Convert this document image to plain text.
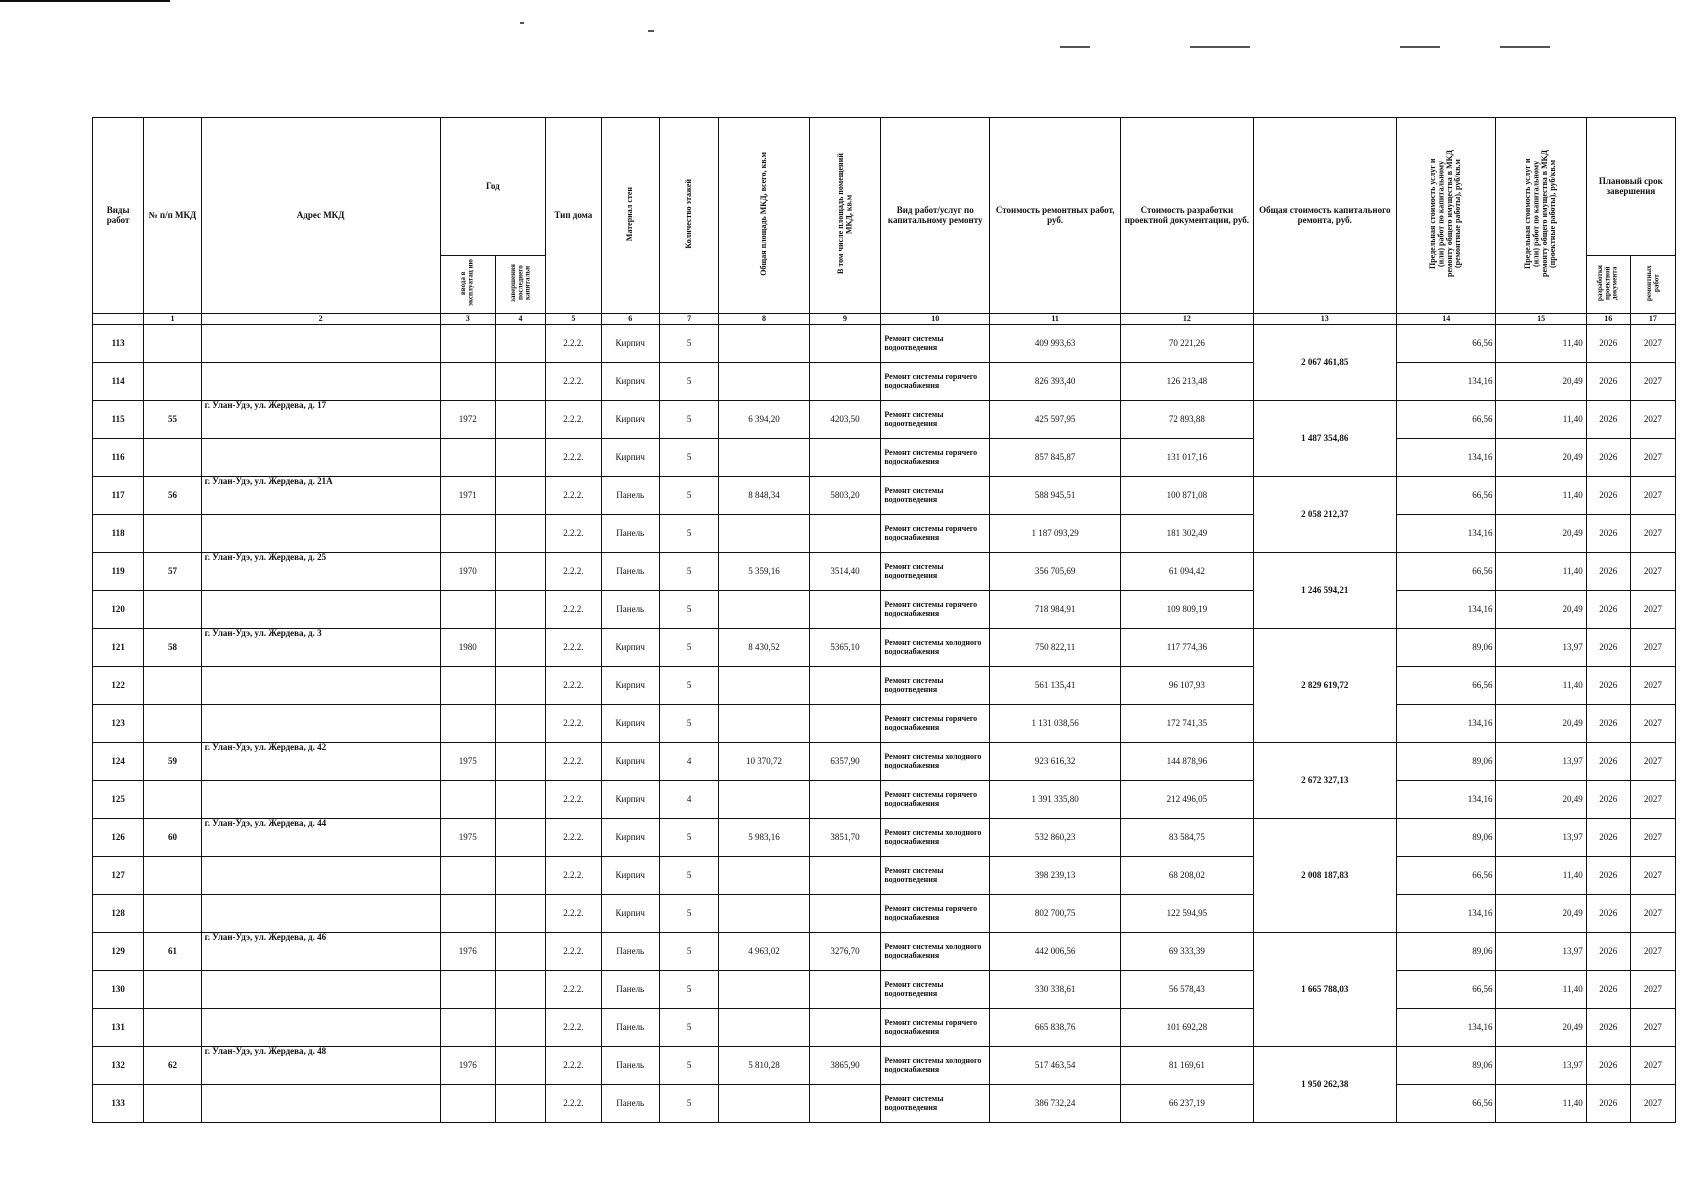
Виды работ	№ п/п МКД	Адрес МКД	Год		Тип дома	Материал стен	Количество этажей	Общая площадь МКД, всего, кв.м	В том числе площадь помещений МКД, кв.м	Вид работ/услуг по капитальному ремонту	Стоимость ремонтных работ, руб.	Стоимость разработки проектной документации, руб.	Общая стоимость капитального ремонта, руб.	Предельная стоимость услуг и (или) работ по капитальному ремонту общего имущества в МКД (ремонтные работы), руб/кв.м	Предельная стоимость услуг и (или) работ по капитальному ремонту общего имущества в МКД (проектные работы), руб/кв.м	Плановый срок завершения	
			ввода в эксплуатац ию	завершения последнего капитальн												разработки проектной документа	ремонтных работ
	1	2	3	4	5	6	7	8	9	10	11	12	13	14	15	16	17
113					2.2.2.	Кирпич	5			Ремонт системы водоотведения	409 993,63	70 221,26	2 067 461,85	66,56	11,40	2026	2027
114					2.2.2.	Кирпич	5			Ремонт системы горячего водоснабжения	826 393,40	126 213,48		134,16	20,49	2026	2027
115	55	г. Улан-Удэ, ул. Жердева, д. 17	1972		2.2.2.	Кирпич	5	6 394,20	4203,50	Ремонт системы водоотведения	425 597,95	72 893,88	1 487 354,86	66,56	11,40	2026	2027
116					2.2.2.	Кирпич	5			Ремонт системы горячего водоснабжения	857 845,87	131 017,16		134,16	20,49	2026	2027
117	56	г. Улан-Удэ, ул. Жердева, д. 21А	1971		2.2.2.	Панель	5	8 848,34	5803,20	Ремонт системы водоотведения	588 945,51	100 871,08	2 058 212,37	66,56	11,40	2026	2027
118					2.2.2.	Панель	5			Ремонт системы горячего водоснабжения	1 187 093,29	181 302,49		134,16	20,49	2026	2027
119	57	г. Улан-Удэ, ул. Жердева, д. 25	1970		2.2.2.	Панель	5	5 359,16	3514,40	Ремонт системы водоотведения	356 705,69	61 094,42	1 246 594,21	66,56	11,40	2026	2027
120					2.2.2.	Панель	5			Ремонт системы горячего водоснабжения	718 984,91	109 809,19		134,16	20,49	2026	2027
121	58	г. Улан-Удэ, ул. Жердева, д. 3	1980		2.2.2.	Кирпич	5	8 430,52	5365,10	Ремонт системы холодного водоснабжения	750 822,11	117 774,36	2 829 619,72	89,06	13,97	2026	2027
122					2.2.2.	Кирпич	5			Ремонт системы водоотведения	561 135,41	96 107,93		66,56	11,40	2026	2027
123					2.2.2.	Кирпич	5			Ремонт системы горячего водоснабжения	1 131 038,56	172 741,35		134,16	20,49	2026	2027
124	59	г. Улан-Удэ, ул. Жердева, д. 42	1975		2.2.2.	Кирпич	4	10 370,72	6357,90	Ремонт системы холодного водоснабжения	923 616,32	144 878,96	2 672 327,13	89,06	13,97	2026	2027
125					2.2.2.	Кирпич	4			Ремонт системы горячего водоснабжения	1 391 335,80	212 496,05		134,16	20,49	2026	2027
126	60	г. Улан-Удэ, ул. Жердева, д. 44	1975		2.2.2.	Кирпич	5	5 983,16	3851,70	Ремонт системы холодного водоснабжения	532 860,23	83 584,75	2 008 187,83	89,06	13,97	2026	2027
127					2.2.2.	Кирпич	5			Ремонт системы водоотведения	398 239,13	68 208,02		66,56	11,40	2026	2027
128					2.2.2.	Кирпич	5			Ремонт системы горячего водоснабжения	802 700,75	122 594,95		134,16	20,49	2026	2027
129	61	г. Улан-Удэ, ул. Жердева, д. 46	1976		2.2.2.	Панель	5	4 963,02	3276,70	Ремонт системы холодного водоснабжения	442 006,56	69 333,39	1 665 788,03	89,06	13,97	2026	2027
130					2.2.2.	Панель	5			Ремонт системы водоотведения	330 338,61	56 578,43		66,56	11,40	2026	2027
131					2.2.2.	Панель	5			Ремонт системы горячего водоснабжения	665 838,76	101 692,28		134,16	20,49	2026	2027
132	62	г. Улан-Удэ, ул. Жердева, д. 48	1976		2.2.2.	Панель	5	5 810,28	3865,90	Ремонт системы холодного водоснабжения	517 463,54	81 169,61	1 950 262,38	89,06	13,97	2026	2027
133					2.2.2.	Панель	5			Ремонт системы водоотведения	386 732,24	66 237,19		66,56	11,40	2026	2027
